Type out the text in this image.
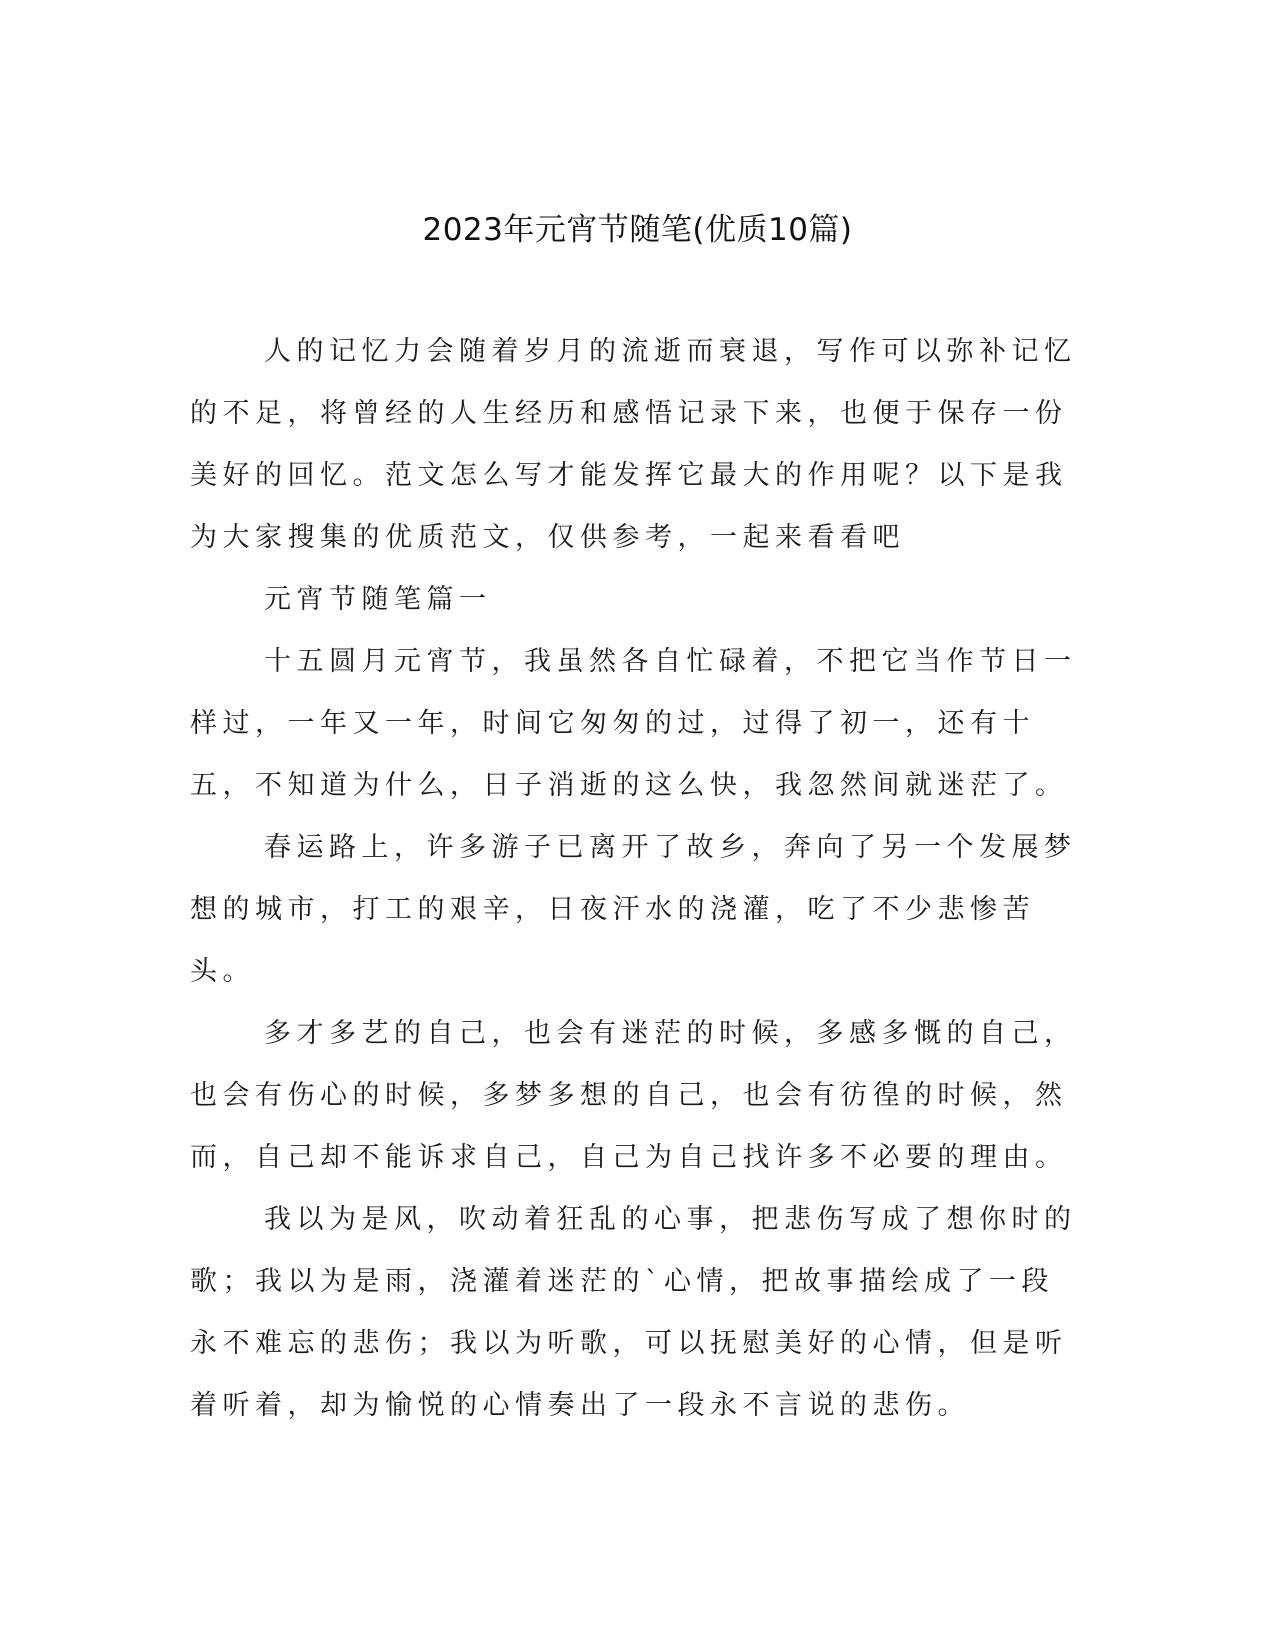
2023年元宵节随笔(优质10篇)

人的记忆力会随着岁月的流逝而衰退，写作可以弥补记忆的不足，将曾经的人生经历和感悟记录下来，也便于保存一份美好的回忆。范文怎么写才能发挥它最大的作用呢？以下是我为大家搜集的优质范文，仅供参考，一起来看看吧

元宵节随笔篇一

十五圆月元宵节，我虽然各自忙碌着，不把它当作节日一样过，一年又一年，时间它匆匆的过，过得了初一，还有十五，不知道为什么，日子消逝的这么快，我忽然间就迷茫了。

春运路上，许多游子已离开了故乡，奔向了另一个发展梦想的城市，打工的艰辛，日夜汗水的浇灌，吃了不少悲惨苦头。

多才多艺的自己，也会有迷茫的时候，多感多慨的自己，也会有伤心的时候，多梦多想的自己，也会有彷徨的时候，然而，自己却不能诉求自己，自己为自己找许多不必要的理由。

我以为是风，吹动着狂乱的心事，把悲伤写成了想你时的歌；我以为是雨，浇灌着迷茫的`心情，把故事描绘成了一段永不难忘的悲伤；我以为听歌，可以抚慰美好的心情，但是听着听着，却为愉悦的心情奏出了一段永不言说的悲伤。
